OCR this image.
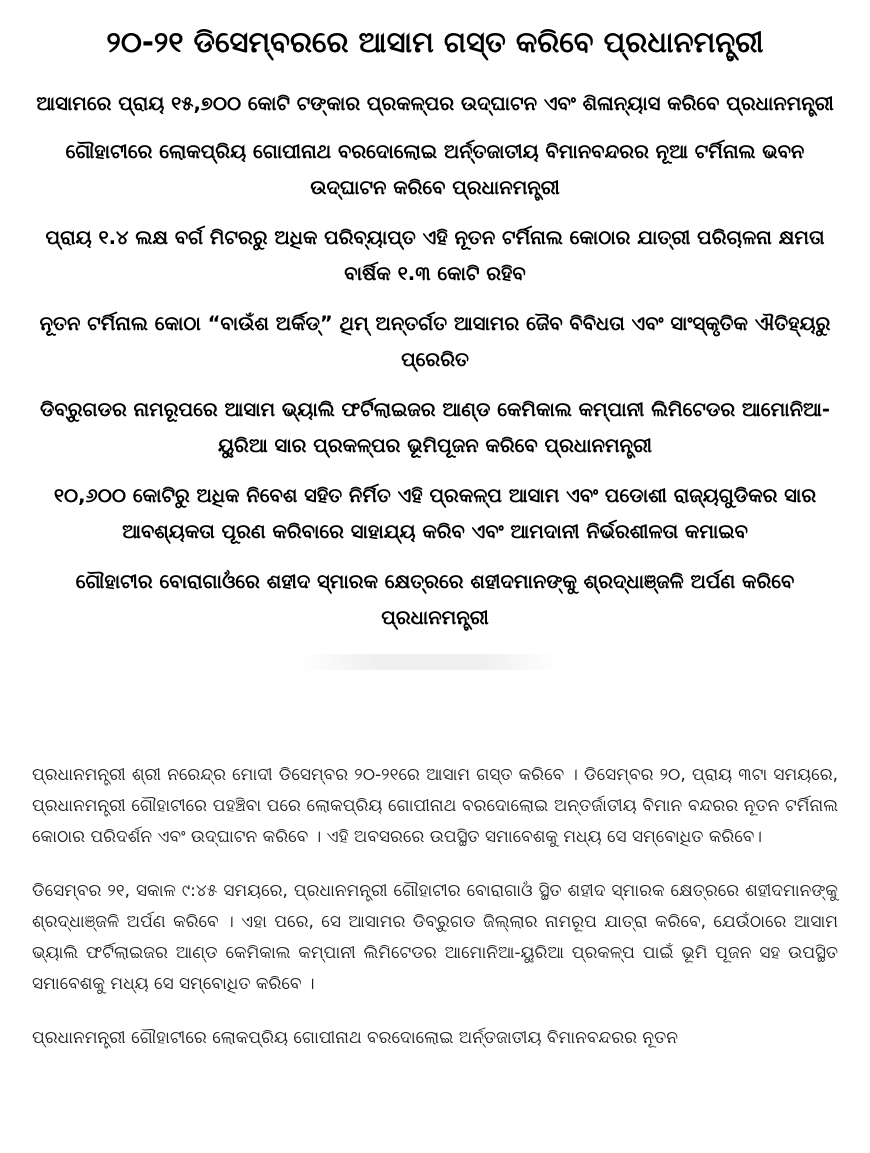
୨୦-୨୧ ଡିସେମ୍ବରରେ ଆସାମ ଗସ୍ତ କରିବେ ପ୍ରଧାନମନ୍ତ୍ରୀ
ଆସାମରେ ପ୍ରାୟ ୧୫,୭୦୦ କୋଟି ଟଙ୍କାର ପ୍ରକଳ୍ପର ଉଦ୍‌ଘାଟନ ଏବଂ ଶିଳାନ୍ୟାସ କରିବେ ପ୍ରଧାନମନ୍ତ୍ରୀ
ଗୌହାଟୀରେ ଲୋକପ୍ରିୟ ଗୋପୀନାଥ ବରଦୋଲୋଇ ଅର୍ନ୍ତଜାତୀୟ ବିମାନବନ୍ଦରର ନୂଆ ଟର୍ମିନାଲ ଭବନ ଉଦ୍‌ଘାଟନ କରିବେ ପ୍ରଧାନମନ୍ତ୍ରୀ
ପ୍ରାୟ ୧.୪ ଲକ୍ଷ ବର୍ଗ ମିଟରରୁ ଅଧିକ ପରିବ୍ୟାପ୍ତ ଏହି ନୂତନ ଟର୍ମିନାଲ କୋଠାର ଯାତ୍ରୀ ପରିଚାଳନା କ୍ଷମତା ବାର୍ଷିକ ୧.୩ କୋଟି ରହିବ
ନୂତନ ଟର୍ମିନାଲ କୋଠା “ବାଉଁଶ ଅର୍କିଡ୍” ଥିମ୍ ଅନ୍ତର୍ଗତ ଆସାମର ଜୈବ ବିବିଧତା ଏବଂ ସାଂସ୍କୃତିକ ଐତିହ୍ୟରୁ ପ୍ରେରିତ
ଡିବ୍ରୁଗଡର ନାମରୂପରେ ଆସାମ ଭ୍ୟାଲି ଫର୍ଟିଲାଇଜର ଆଣ୍ଡ କେମିକାଲ କମ୍ପାନୀ ଲିମିଟେଡର ଆମୋନିଆ-ୟୁରିଆ ସାର ପ୍ରକଳ୍ପର ଭୂମିପୂଜନ କରିବେ ପ୍ରଧାନମନ୍ତ୍ରୀ
୧୦,୬୦୦ କୋଟିରୁ ଅଧିକ ନିବେଶ ସହିତ ନିର୍ମିତ ଏହି ପ୍ରକଳ୍ପ ଆସାମ ଏବଂ ପଡୋଶୀ ରାଜ୍ୟଗୁଡିକର ସାର ଆବଶ୍ୟକତା ପୂରଣ କରିବାରେ ସାହାଯ୍ୟ କରିବ ଏବଂ ଆମଦାନୀ ନିର୍ଭରଶୀଳତା କମାଇବ
ଗୌହାଟୀର ବୋରାଗାଓଁରେ ଶହୀଦ ସ୍ମାରକ କ୍ଷେତ୍ରରେ ଶହୀଦମାନଙ୍କୁ ଶ୍ରଦ୍ଧାଞ୍ଜଳି ଅର୍ପଣ କରିବେ ପ୍ରଧାନମନ୍ତ୍ରୀ

ପ୍ରଧାନମନ୍ତ୍ରୀ ଶ୍ରୀ ନରେନ୍ଦ୍ର ମୋଦୀ ଡିସେମ୍ବର ୨୦-୨୧ରେ ଆସାମ ଗସ୍ତ କରିବେ । ଡିସେମ୍ବର ୨୦, ପ୍ରାୟ ୩ଟା ସମୟରେ, ପ୍ରଧାନମନ୍ତ୍ରୀ ଗୌହାଟୀରେ ପହଞ୍ଚିବା ପରେ ଲୋକପ୍ରିୟ ଗୋପୀନାଥ ବରଦୋଲୋଇ ଅନ୍ତର୍ଜାତୀୟ ବିମାନ ବନ୍ଦରର ନୂତନ ଟର୍ମିନାଲ କୋଠାର ପରିଦର୍ଶନ ଏବଂ ଉଦ୍‌ଘାଟନ କରିବେ । ଏହି ଅବସରରେ ଉପସ୍ଥିତ ସମାବେଶକୁ ମଧ୍ୟ ସେ ସମ୍ବୋଧିତ କରିବେ।

ଡିସେମ୍ବର ୨୧, ସକାଳ ୯:୪୫ ସମୟରେ, ପ୍ରଧାନମନ୍ତ୍ରୀ ଗୌହାଟୀର ବୋରାଗାଓଁ ସ୍ଥିତ ଶହୀଦ ସ୍ମାରକ କ୍ଷେତ୍ରରେ ଶହୀଦମାନଙ୍କୁ ଶ୍ରଦ୍ଧାଞ୍ଜଳି ଅର୍ପଣ କରିବେ । ଏହା ପରେ, ସେ ଆସାମର ଡିବ୍ରୁଗଡ ଜିଲ୍ଲାର ନାମରୂପ ଯାତ୍ରା କରିବେ, ଯେଉଁଠାରେ ଆସାମ ଭ୍ୟାଲି ଫର୍ଟିଲାଇଜର ଆଣ୍ଡ କେମିକାଲ କମ୍ପାନୀ ଲିମିଟେଡର ଆମୋନିଆ-ୟୁରିଆ ପ୍ରକଳ୍ପ ପାଇଁ ଭୂମି ପୂଜନ ସହ ଉପସ୍ଥିତ ସମାବେଶକୁ ମଧ୍ୟ ସେ ସମ୍ବୋଧିତ କରିବେ ।

ପ୍ରଧାନମନ୍ତ୍ରୀ ଗୌହାଟୀରେ ଲୋକପ୍ରିୟ ଗୋପୀନାଥ ବରଦୋଲୋଇ ଅର୍ନ୍ତଜାତୀୟ ବିମାନବନ୍ଦରର ନୂତନ
